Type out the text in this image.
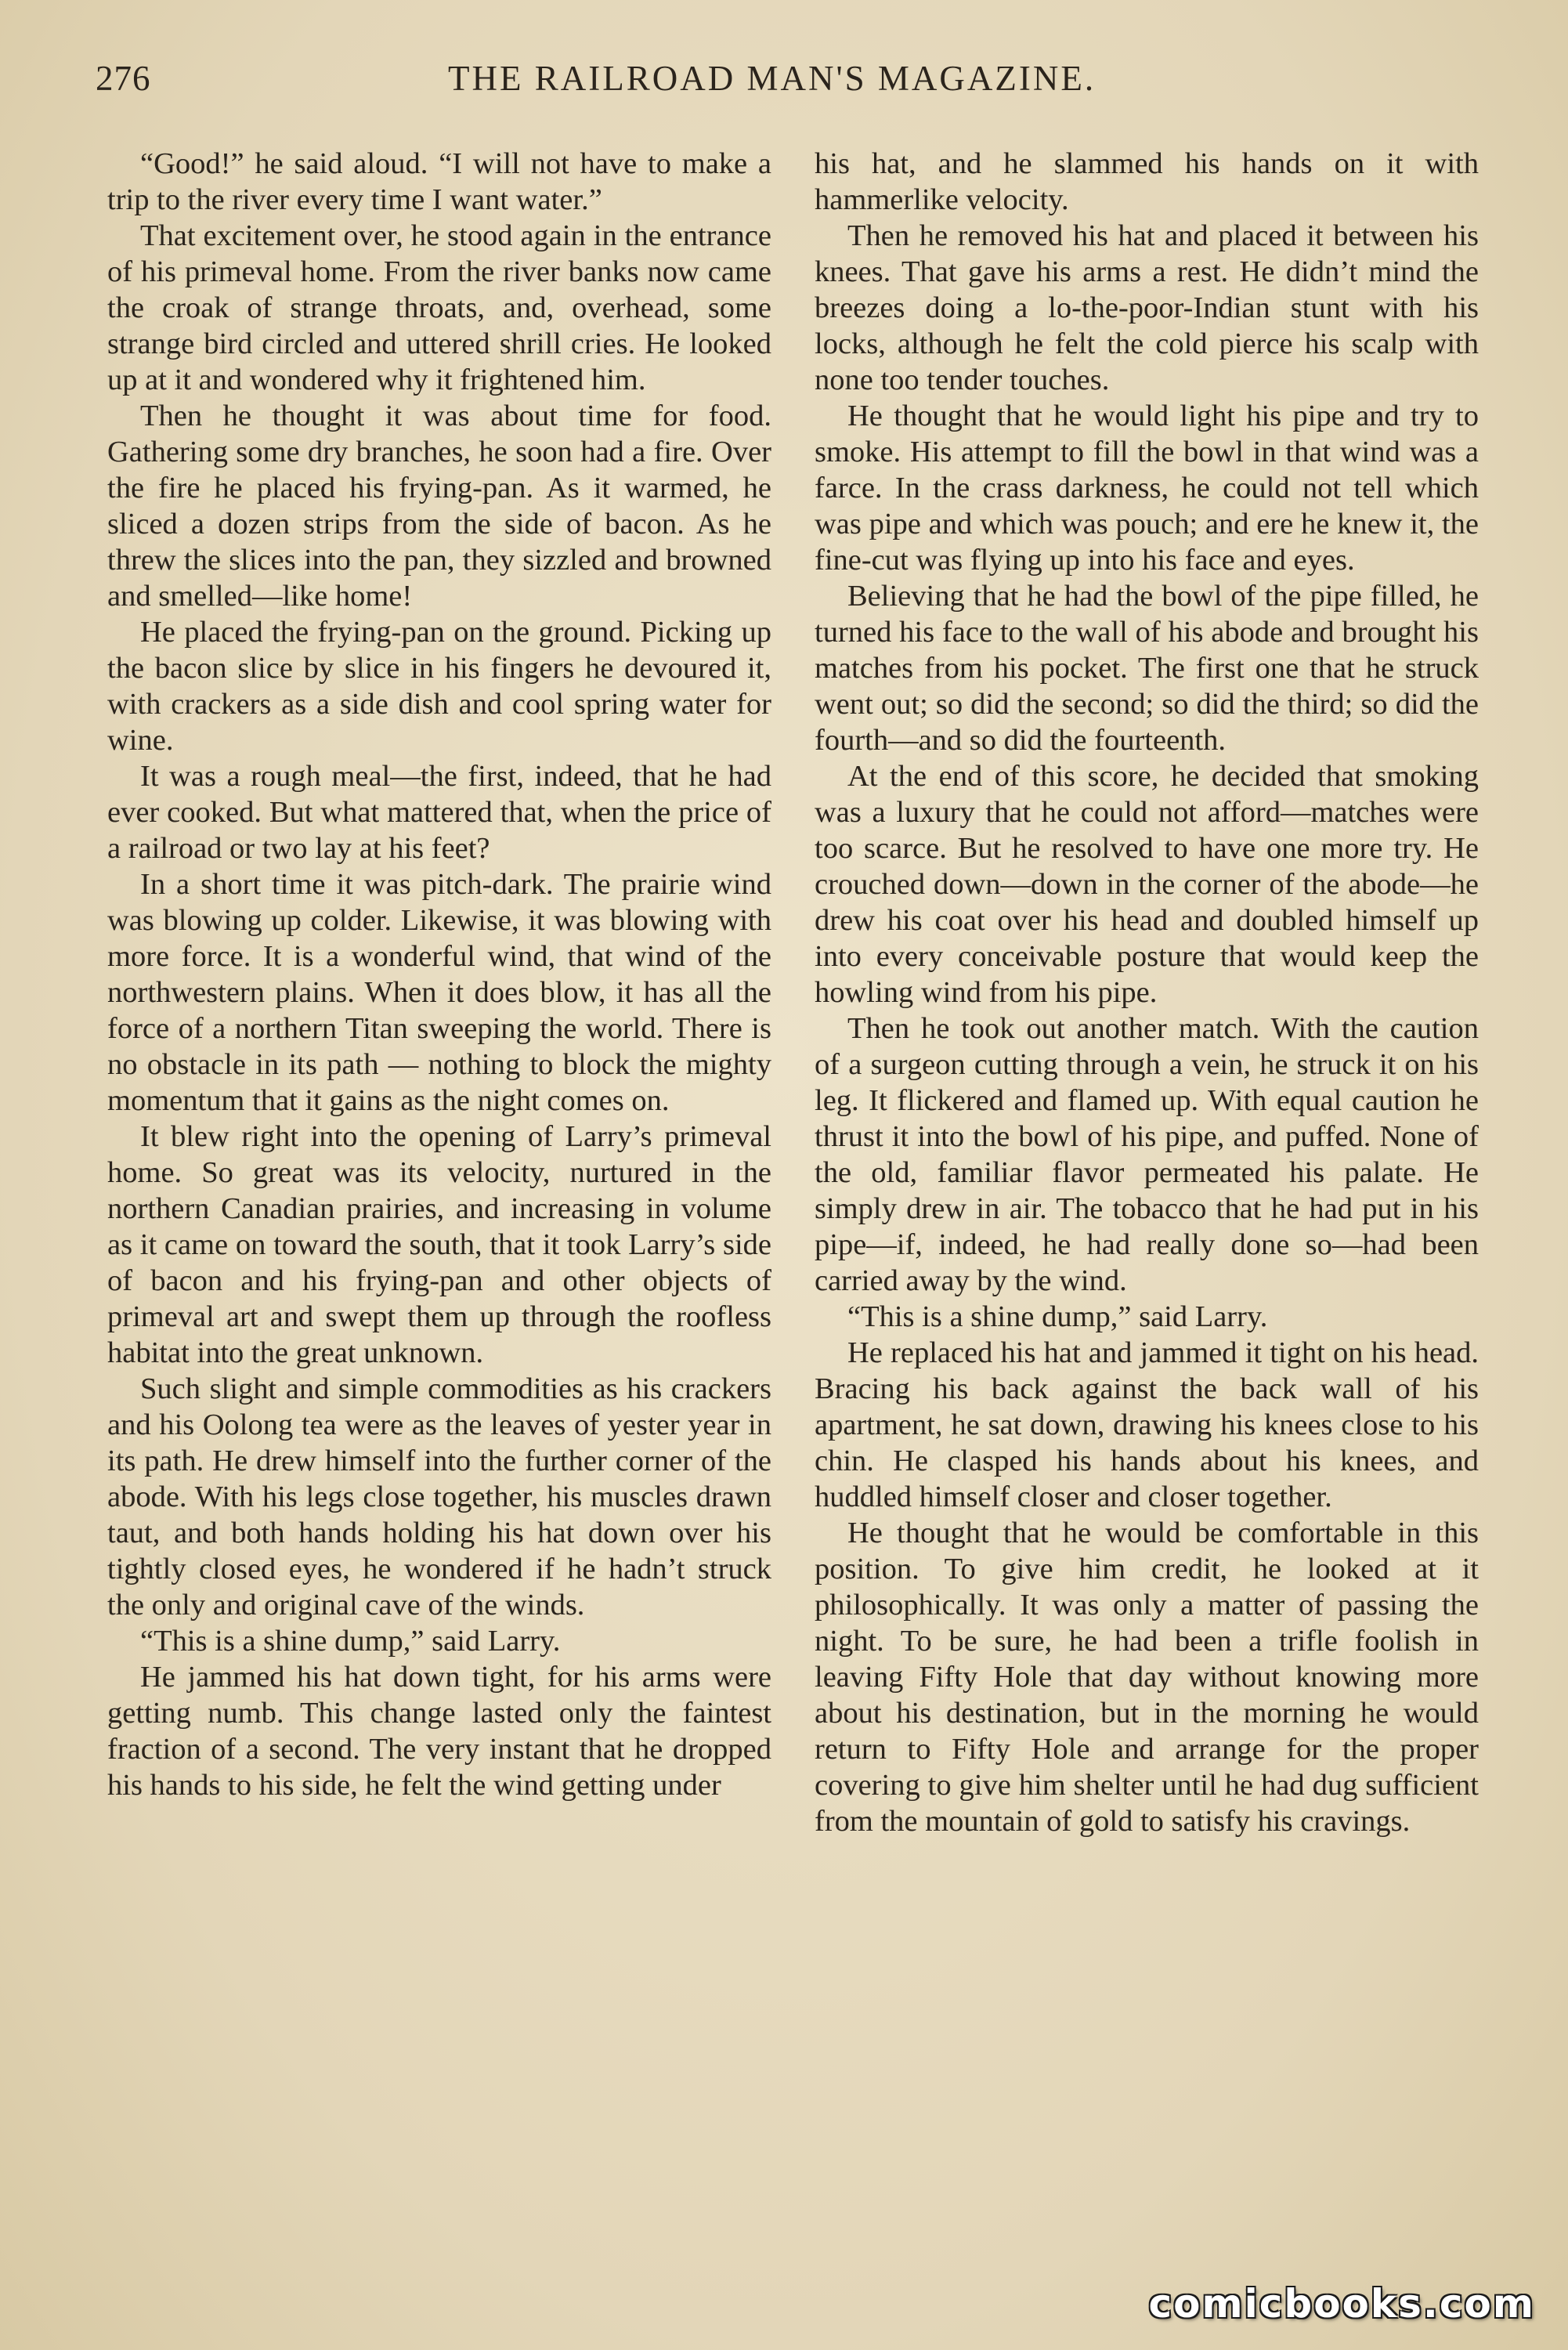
276	THE RAILROAD MAN'S MAGAZINE.

“Good!” he said aloud. “I will not have to make a trip to the river every time I want water.”

That excitement over, he stood again in the entrance of his primeval home. From the river banks now came the croak of strange throats, and, overhead, some strange bird circled and uttered shrill cries. He looked up at it and wondered why it frightened him.

Then he thought it was about time for food. Gathering some dry branches, he soon had a fire. Over the fire he placed his frying-pan. As it warmed, he sliced a dozen strips from the side of bacon. As he threw the slices into the pan, they sizzled and browned and smelled—like home!

He placed the frying-pan on the ground. Picking up the bacon slice by slice in his fingers he devoured it, with crackers as a side dish and cool spring water for wine.

It was a rough meal—the first, indeed, that he had ever cooked. But what mattered that, when the price of a railroad or two lay at his feet?

In a short time it was pitch-dark. The prairie wind was blowing up colder. Likewise, it was blowing with more force. It is a wonderful wind, that wind of the northwestern plains. When it does blow, it has all the force of a northern Titan sweeping the world. There is no obstacle in its path — nothing to block the mighty momentum that it gains as the night comes on.

It blew right into the opening of Larry’s primeval home. So great was its velocity, nurtured in the northern Canadian prairies, and increasing in volume as it came on toward the south, that it took Larry’s side of bacon and his frying-pan and other objects of primeval art and swept them up through the roofless habitat into the great unknown.

Such slight and simple commodities as his crackers and his Oolong tea were as the leaves of yester year in its path. He drew himself into the further corner of the abode. With his legs close together, his muscles drawn taut, and both hands holding his hat down over his tightly closed eyes, he wondered if he hadn’t struck the only and original cave of the winds.

“This is a shine dump,” said Larry.

He jammed his hat down tight, for his arms were getting numb. This change lasted only the faintest fraction of a second. The very instant that he dropped his hands to his side, he felt the wind getting under

his hat, and he slammed his hands on it with hammerlike velocity.

Then he removed his hat and placed it between his knees. That gave his arms a rest. He didn’t mind the breezes doing a lo-the-poor-Indian stunt with his locks, although he felt the cold pierce his scalp with none too tender touches.

He thought that he would light his pipe and try to smoke. His attempt to fill the bowl in that wind was a farce. In the crass darkness, he could not tell which was pipe and which was pouch; and ere he knew it, the fine-cut was flying up into his face and eyes.

Believing that he had the bowl of the pipe filled, he turned his face to the wall of his abode and brought his matches from his pocket. The first one that he struck went out; so did the second; so did the third; so did the fourth—and so did the fourteenth.

At the end of this score, he decided that smoking was a luxury that he could not afford—matches were too scarce. But he resolved to have one more try. He crouched down—down in the corner of the abode—he drew his coat over his head and doubled himself up into every conceivable posture that would keep the howling wind from his pipe.

Then he took out another match. With the caution of a surgeon cutting through a vein, he struck it on his leg. It flickered and flamed up. With equal caution he thrust it into the bowl of his pipe, and puffed. None of the old, familiar flavor permeated his palate. He simply drew in air. The tobacco that he had put in his pipe—if, indeed, he had really done so—had been carried away by the wind.

“This is a shine dump,” said Larry.

He replaced his hat and jammed it tight on his head. Bracing his back against the back wall of his apartment, he sat down, drawing his knees close to his chin. He clasped his hands about his knees, and huddled himself closer and closer together.

He thought that he would be comfortable in this position. To give him credit, he looked at it philosophically. It was only a matter of passing the night. To be sure, he had been a trifle foolish in leaving Fifty Hole that day without knowing more about his destination, but in the morning he would return to Fifty Hole and arrange for the proper covering to give him shelter until he had dug sufficient from the mountain of gold to satisfy his cravings.

comicbooks.com
